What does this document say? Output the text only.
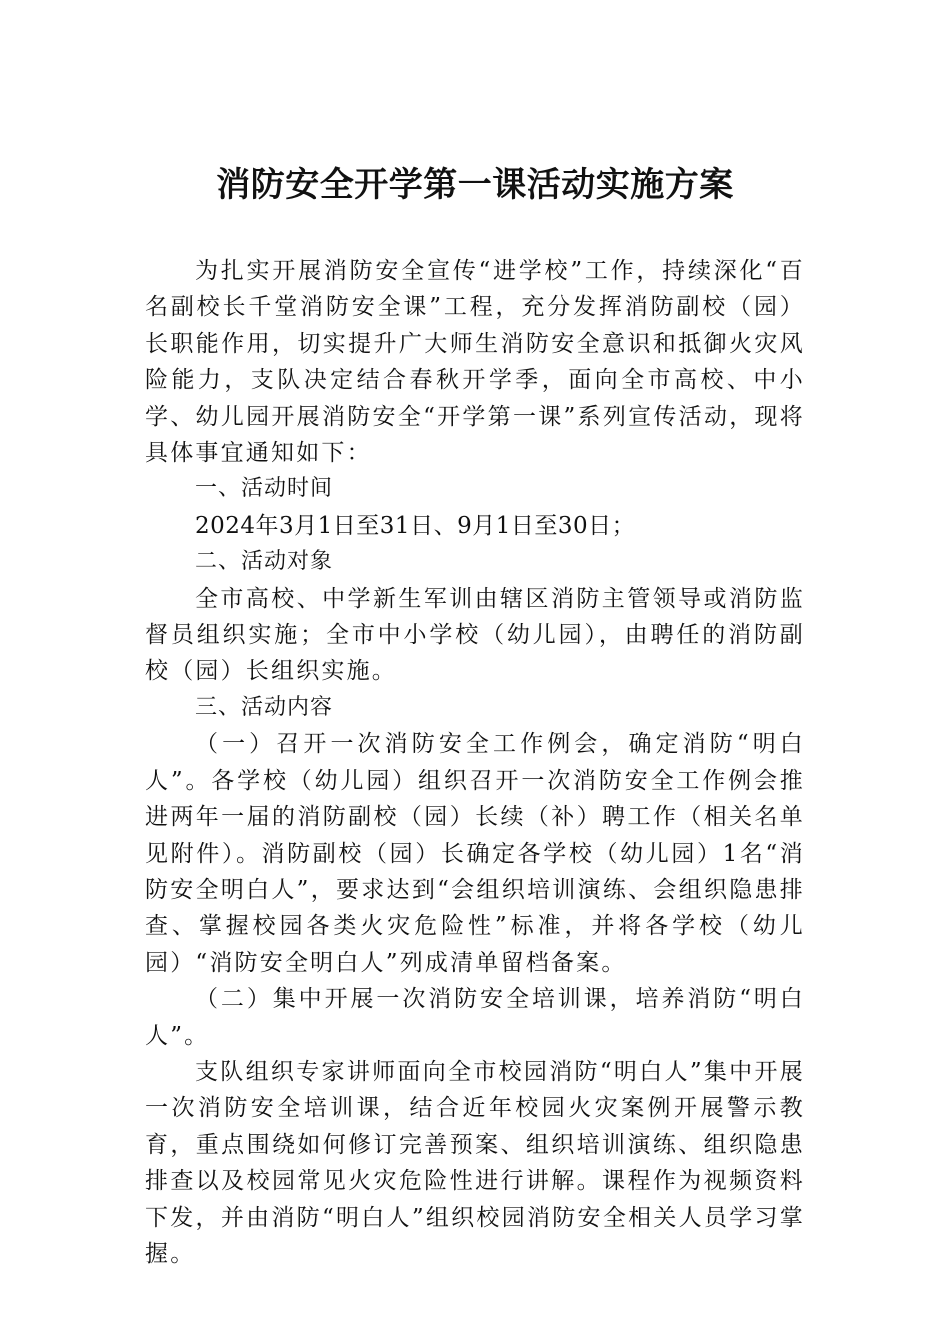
消防安全开学第一课活动实施方案

为扎实开展消防安全宣传“进学校”工作，持续深化“百名副校长千堂消防安全课”工程，充分发挥消防副校（园）长职能作用，切实提升广大师生消防安全意识和抵御火灾风险能力，支队决定结合春秋开学季，面向全市高校、中小学、幼儿园开展消防安全“开学第一课”系列宣传活动，现将具体事宜通知如下：

一、活动时间

2024年3月1日至31日、9月1日至30日；

二、活动对象

全市高校、中学新生军训由辖区消防主管领导或消防监督员组织实施；全市中小学校（幼儿园），由聘任的消防副校（园）长组织实施。

三、活动内容

（一）召开一次消防安全工作例会，确定消防“明白人”。各学校（幼儿园）组织召开一次消防安全工作例会推进两年一届的消防副校（园）长续（补）聘工作（相关名单见附件）。消防副校（园）长确定各学校（幼儿园）1名“消防安全明白人”，要求达到“会组织培训演练、会组织隐患排查、掌握校园各类火灾危险性”标准，并将各学校（幼儿园）“消防安全明白人”列成清单留档备案。

（二）集中开展一次消防安全培训课，培养消防“明白人”。

支队组织专家讲师面向全市校园消防“明白人”集中开展一次消防安全培训课，结合近年校园火灾案例开展警示教育，重点围绕如何修订完善预案、组织培训演练、组织隐患排查以及校园常见火灾危险性进行讲解。课程作为视频资料下发，并由消防“明白人”组织校园消防安全相关人员学习掌握。
